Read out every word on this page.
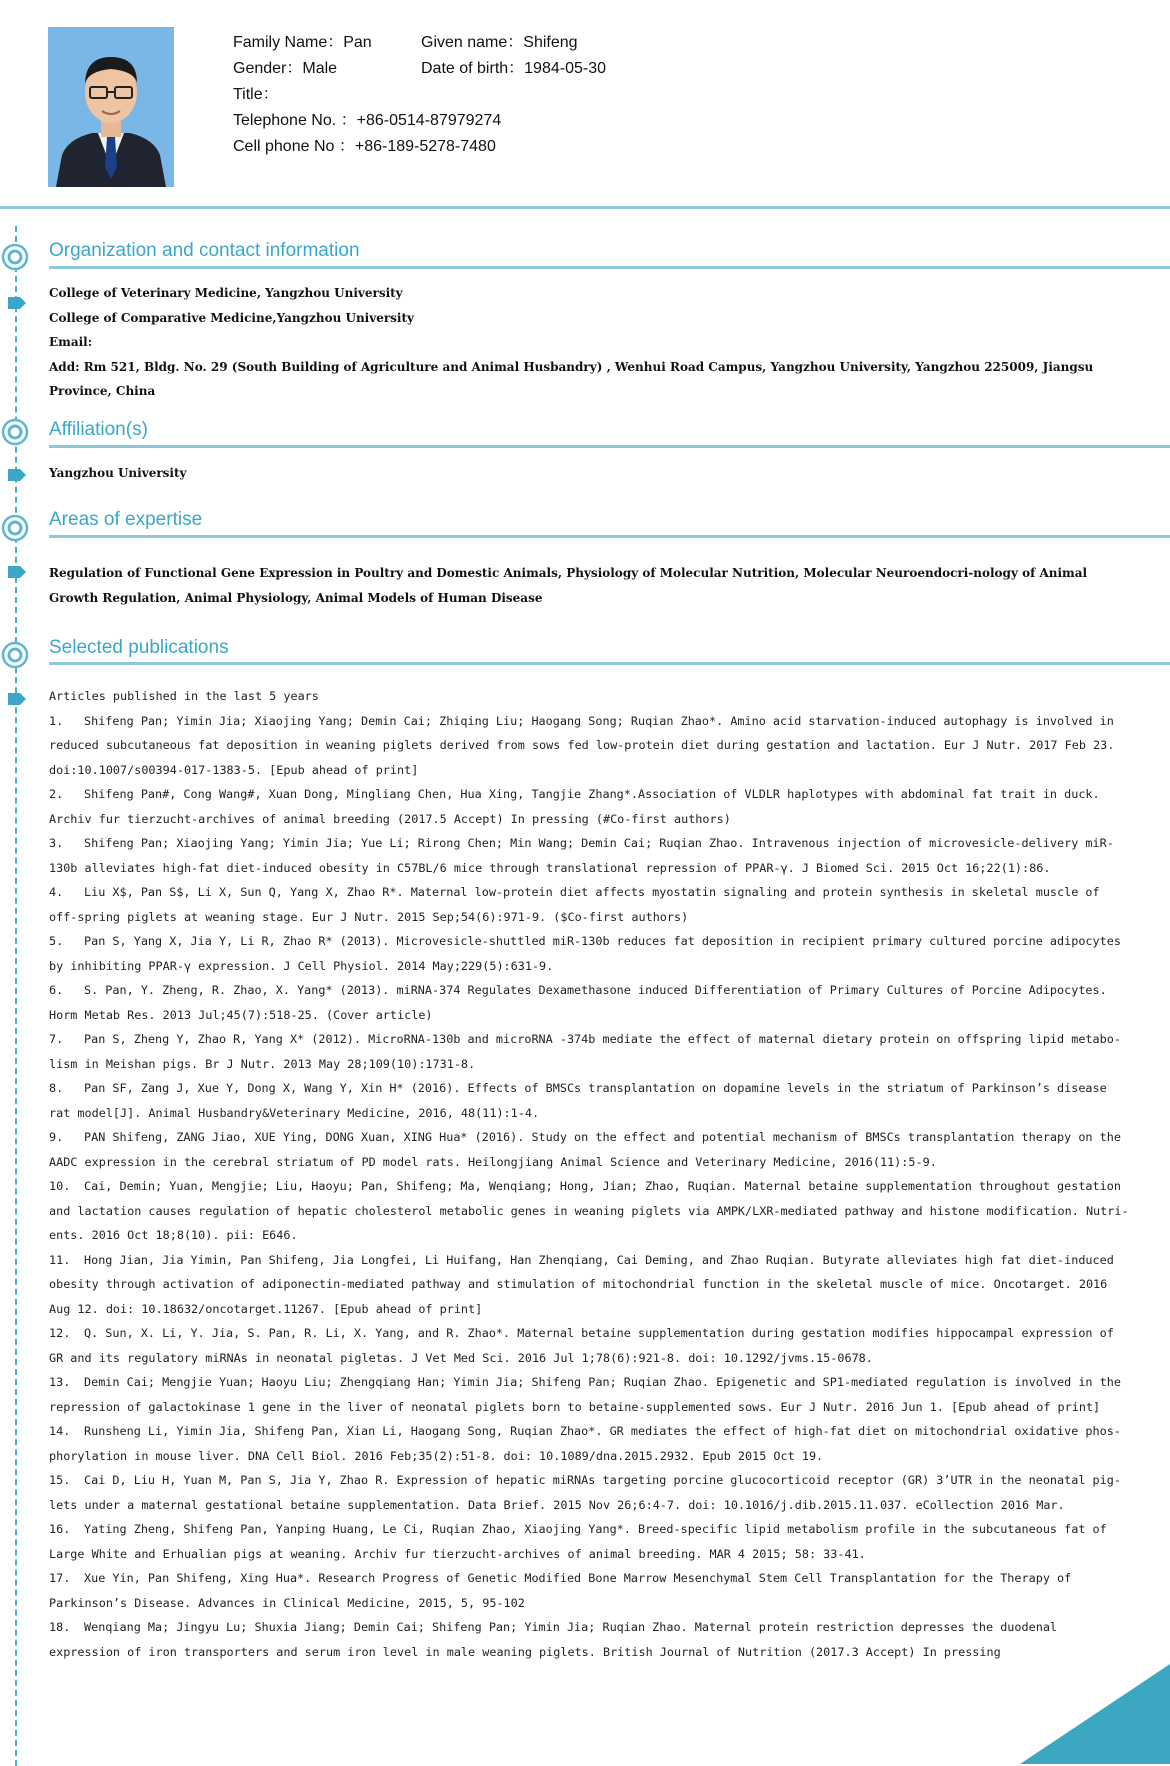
Family Name：Pan	Given name：Shifeng
Gender：Male	Date of birth：1984-05-30
Title：
Telephone No. ：+86-0514-87979274
Cell phone No ：+86-189-5278-7480
Organization and contact information
College of Veterinary Medicine, Yangzhou University
College of Comparative Medicine,Yangzhou University
Email:
Add: Rm 521, Bldg. No. 29 (South Building of Agriculture and Animal Husbandry) , Wenhui Road Campus, Yangzhou University, Yangzhou 225009, Jiangsu Province, China
Affiliation(s)
Yangzhou University
Areas of expertise
Regulation of Functional Gene Expression in Poultry and Domestic Animals, Physiology of Molecular Nutrition, Molecular Neuroendocri-nology of Animal Growth Regulation, Animal Physiology, Animal Models of Human Disease
Selected publications
Articles published in the last 5 years
1. Shifeng Pan; Yimin Jia; Xiaojing Yang; Demin Cai; Zhiqing Liu; Haogang Song; Ruqian Zhao*. Amino acid starvation-induced autophagy is involved in reduced subcutaneous fat deposition in weaning piglets derived from sows fed low-protein diet during gestation and lactation. Eur J Nutr. 2017 Feb 23. doi:10.1007/s00394-017-1383-5. [Epub ahead of print]
2. Shifeng Pan#, Cong Wang#, Xuan Dong, Mingliang Chen, Hua Xing, Tangjie Zhang*.Association of VLDLR haplotypes with abdominal fat trait in duck. Archiv fur tierzucht-archives of animal breeding (2017.5 Accept) In pressing (#Co-first authors)
3. Shifeng Pan; Xiaojing Yang; Yimin Jia; Yue Li; Rirong Chen; Min Wang; Demin Cai; Ruqian Zhao. Intravenous injection of microvesicle-delivery miR-130b alleviates high-fat diet-induced obesity in C57BL/6 mice through translational repression of PPAR-γ. J Biomed Sci. 2015 Oct 16;22(1):86.
4. Liu X$, Pan S$, Li X, Sun Q, Yang X, Zhao R*. Maternal low-protein diet affects myostatin signaling and protein synthesis in skeletal muscle of off-spring piglets at weaning stage. Eur J Nutr. 2015 Sep;54(6):971-9. ($Co-first authors)
5. Pan S, Yang X, Jia Y, Li R, Zhao R* (2013). Microvesicle-shuttled miR-130b reduces fat deposition in recipient primary cultured porcine adipocytes by inhibiting PPAR-γ expression. J Cell Physiol. 2014 May;229(5):631-9.
6. S. Pan, Y. Zheng, R. Zhao, X. Yang* (2013). miRNA-374 Regulates Dexamethasone induced Differentiation of Primary Cultures of Porcine Adipocytes. Horm Metab Res. 2013 Jul;45(7):518-25. (Cover article)
7. Pan S, Zheng Y, Zhao R, Yang X* (2012). MicroRNA-130b and microRNA -374b mediate the effect of maternal dietary protein on offspring lipid metabo-lism in Meishan pigs. Br J Nutr. 2013 May 28;109(10):1731-8.
8. Pan SF, Zang J, Xue Y, Dong X, Wang Y, Xin H* (2016). Effects of BMSCs transplantation on dopamine levels in the striatum of Parkinson’s disease rat model[J]. Animal Husbandry&Veterinary Medicine, 2016, 48(11):1-4.
9. PAN Shifeng, ZANG Jiao, XUE Ying, DONG Xuan, XING Hua* (2016). Study on the effect and potential mechanism of BMSCs transplantation therapy on the AADC expression in the cerebral striatum of PD model rats. Heilongjiang Animal Science and Veterinary Medicine, 2016(11):5-9.
10. Cai, Demin; Yuan, Mengjie; Liu, Haoyu; Pan, Shifeng; Ma, Wenqiang; Hong, Jian; Zhao, Ruqian. Maternal betaine supplementation throughout gestation and lactation causes regulation of hepatic cholesterol metabolic genes in weaning piglets via AMPK/LXR-mediated pathway and histone modification. Nutri-ents. 2016 Oct 18;8(10). pii: E646.
11. Hong Jian, Jia Yimin, Pan Shifeng, Jia Longfei, Li Huifang, Han Zhenqiang, Cai Deming, and Zhao Ruqian. Butyrate alleviates high fat diet-induced obesity through activation of adiponectin-mediated pathway and stimulation of mitochondrial function in the skeletal muscle of mice. Oncotarget. 2016 Aug 12. doi: 10.18632/oncotarget.11267. [Epub ahead of print]
12. Q. Sun, X. Li, Y. Jia, S. Pan, R. Li, X. Yang, and R. Zhao*. Maternal betaine supplementation during gestation modifies hippocampal expression of GR and its regulatory miRNAs in neonatal pigletas. J Vet Med Sci. 2016 Jul 1;78(6):921-8. doi: 10.1292/jvms.15-0678.
13. Demin Cai; Mengjie Yuan; Haoyu Liu; Zhengqiang Han; Yimin Jia; Shifeng Pan; Ruqian Zhao. Epigenetic and SP1-mediated regulation is involved in the repression of galactokinase 1 gene in the liver of neonatal piglets born to betaine-supplemented sows. Eur J Nutr. 2016 Jun 1. [Epub ahead of print]
14. Runsheng Li, Yimin Jia, Shifeng Pan, Xian Li, Haogang Song, Ruqian Zhao*. GR mediates the effect of high-fat diet on mitochondrial oxidative phos-phorylation in mouse liver. DNA Cell Biol. 2016 Feb;35(2):51-8. doi: 10.1089/dna.2015.2932. Epub 2015 Oct 19.
15. Cai D, Liu H, Yuan M, Pan S, Jia Y, Zhao R. Expression of hepatic miRNAs targeting porcine glucocorticoid receptor (GR) 3’UTR in the neonatal pig-lets under a maternal gestational betaine supplementation. Data Brief. 2015 Nov 26;6:4-7. doi: 10.1016/j.dib.2015.11.037. eCollection 2016 Mar.
16. Yating Zheng, Shifeng Pan, Yanping Huang, Le Ci, Ruqian Zhao, Xiaojing Yang*. Breed-specific lipid metabolism profile in the subcutaneous fat of Large White and Erhualian pigs at weaning. Archiv fur tierzucht-archives of animal breeding. MAR 4 2015; 58: 33-41.
17. Xue Yin, Pan Shifeng, Xing Hua*. Research Progress of Genetic Modified Bone Marrow Mesenchymal Stem Cell Transplantation for the Therapy of Parkinson’s Disease. Advances in Clinical Medicine, 2015, 5, 95-102
18. Wenqiang Ma; Jingyu Lu; Shuxia Jiang; Demin Cai; Shifeng Pan; Yimin Jia; Ruqian Zhao. Maternal protein restriction depresses the duodenal expression of iron transporters and serum iron level in male weaning piglets. British Journal of Nutrition (2017.3 Accept) In pressing
